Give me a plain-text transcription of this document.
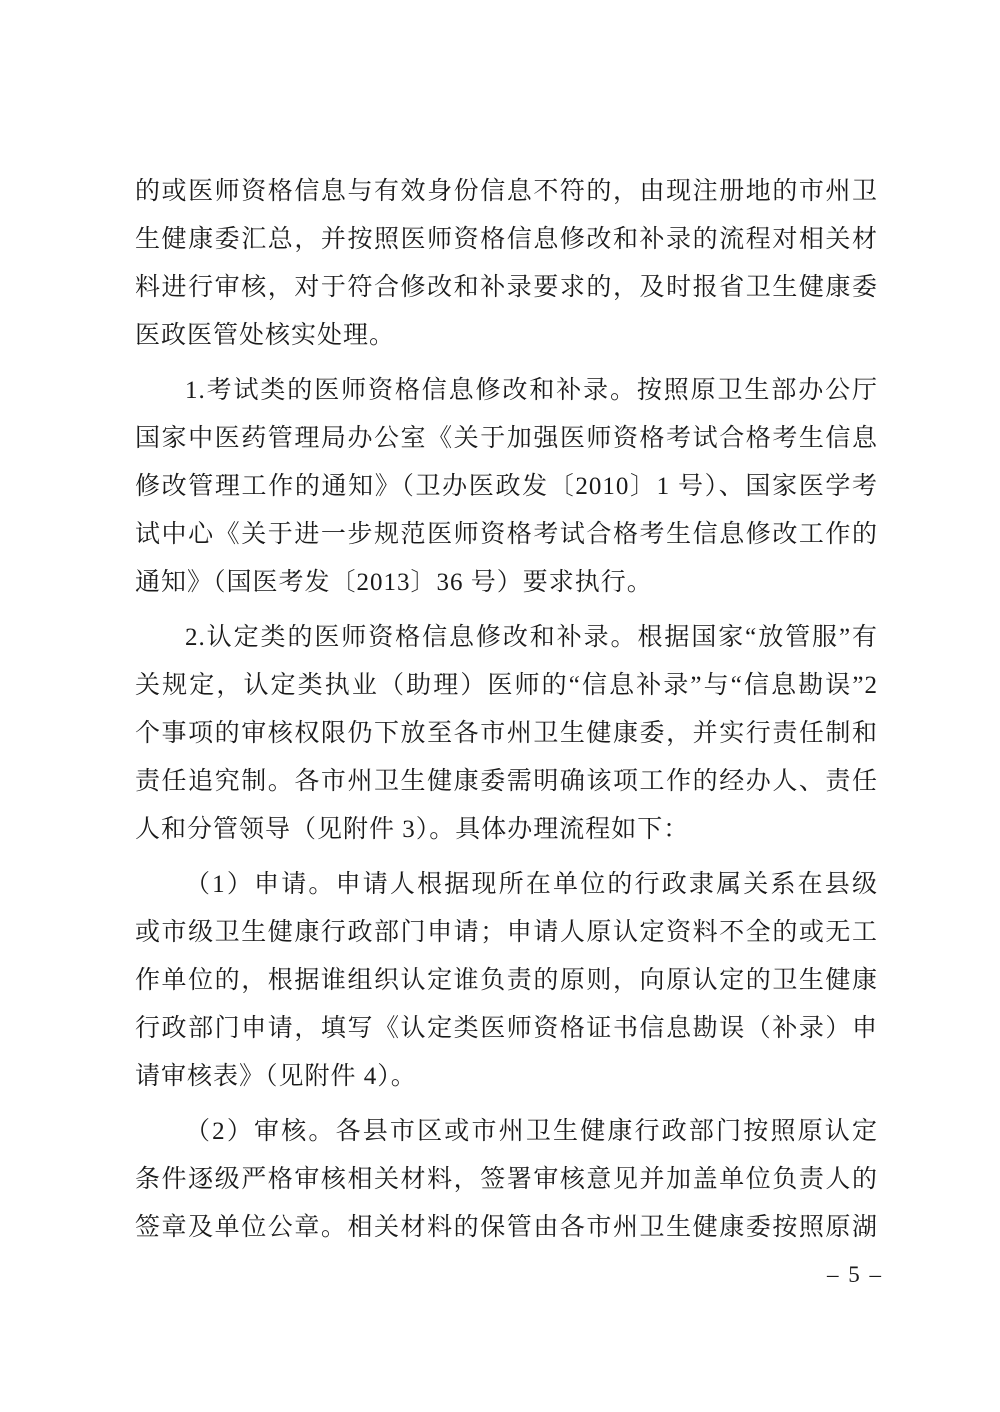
的或医师资格信息与有效身份信息不符的，由现注册地的市州卫
生健康委汇总，并按照医师资格信息修改和补录的流程对相关材
料进行审核，对于符合修改和补录要求的，及时报省卫生健康委
医政医管处核实处理。
1.考试类的医师资格信息修改和补录。按照原卫生部办公厅
国家中医药管理局办公室《关于加强医师资格考试合格考生信息
修改管理工作的通知》（卫办医政发〔2010〕1 号）、国家医学考
试中心《关于进一步规范医师资格考试合格考生信息修改工作的
通知》（国医考发〔2013〕36 号）要求执行。
2.认定类的医师资格信息修改和补录。根据国家“放管服”有
关规定，认定类执业（助理）医师的“信息补录”与“信息勘误”2
个事项的审核权限仍下放至各市州卫生健康委，并实行责任制和
责任追究制。各市州卫生健康委需明确该项工作的经办人、责任
人和分管领导（见附件 3）。具体办理流程如下：
（1）申请。申请人根据现所在单位的行政隶属关系在县级
或市级卫生健康行政部门申请；申请人原认定资料不全的或无工
作单位的，根据谁组织认定谁负责的原则，向原认定的卫生健康
行政部门申请，填写《认定类医师资格证书信息勘误（补录）申
请审核表》（见附件 4）。
（2）审核。各县市区或市州卫生健康行政部门按照原认定
条件逐级严格审核相关材料，签署审核意见并加盖单位负责人的
签章及单位公章。相关材料的保管由各市州卫生健康委按照原湖
– 5 –
